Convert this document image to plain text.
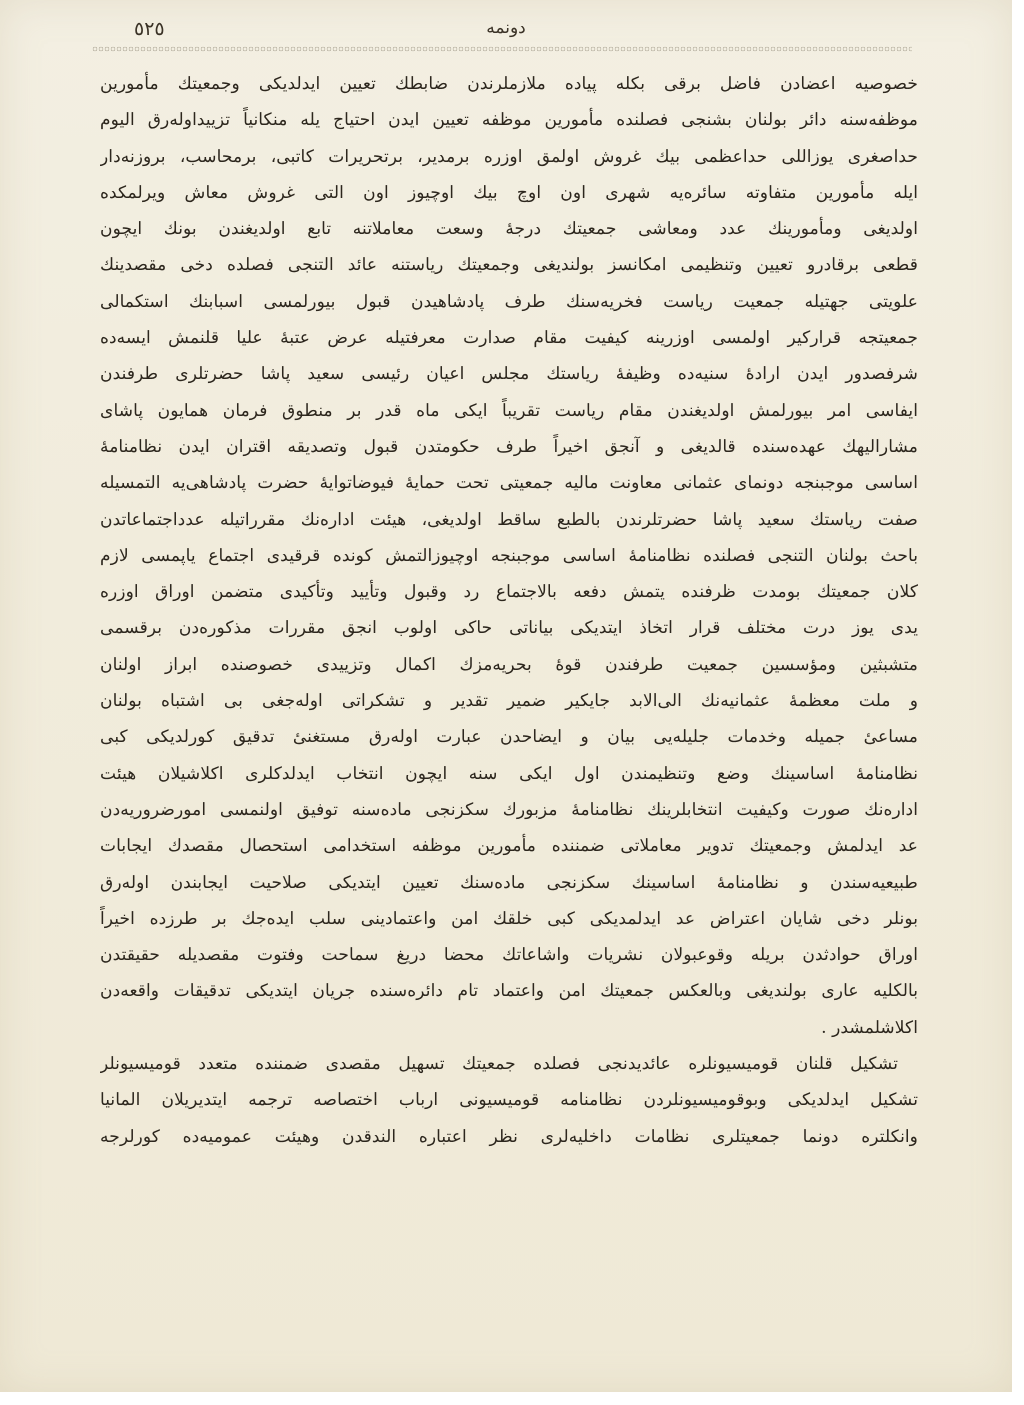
٥٢٥	دونمه
خصوصیه اعضادن فاضل برقی بکله پیاده ملازملرندن ضابطك تعیین ایدلدیکی وجمعیتك مأمورین
موظفه‌سنه دائر بولنان بشنجی فصلنده مأمورین موظفه تعیین ایدن احتیاج یله منکانیاً تزییداوله‌رق الیوم
حداصغری یوزاللی حداعظمی بیك غروش اولمق اوزره برمدیر، برتحریرات کاتبی، برمحاسب، بروزنه‌دار
ایله مأمورین متفاوته سائره‌یه شهری اون اوچ بیك اوچیوز اون التی غروش معاش ویرلمکده
اولدیغی ومأمورینك عدد ومعاشی جمعیتك درجهٔ وسعت معاملاتنه تابع اولدیغندن بونك ایچون
قطعی برقادرو تعیین وتنظیمی امکانسز بولندیغی وجمعیتك ریاستنه عائد التنجی فصلده دخی مقصدینك
علویتی جهتیله جمعیت ریاست فخریه‌سنك طرف پادشاهیدن قبول بیورلمسی اسبابنك استکمالی
جمعیتجه قرارکیر اولمسی اوزرینه کیفیت مقام صدارت معرفتیله عرض عتبهٔ علیا قلنمش ایسه‌ده
شرفصدور ایدن ارادهٔ سنیه‌ده وظیفهٔ ریاستك مجلس اعیان رئیسی سعید پاشا حضرتلری طرفندن
ایفاسی امر بیورلمش اولدیغندن مقام ریاست تقریباً ایکی ماه قدر بر منطوق فرمان همایون پاشای
مشارالیهك عهده‌سنده قالدیغی و آنجق اخیراً طرف حکومتدن قبول وتصدیقه اقتران ایدن نظامنامهٔ
اساسی موجبنجه دونمای عثمانی معاونت مالیه جمعیتی تحت حمایهٔ فیوضاتوایهٔ حضرت پادشاهی‌یه التمسیله
صفت ریاستك سعید پاشا حضرتلرندن بالطبع ساقط اولدیغی، هیئت ادارەنك مقرراتیله عدداجتماعاتدن
باحث بولنان التنجی فصلنده نظامنامهٔ اساسی موجبنجه اوچیوزالتمش کونده قرقیدی اجتماع یاپمسی لازم
کلان جمعیتك بومدت ظرفنده یتمش دفعه بالاجتماع رد وقبول وتأیید وتأکیدی متضمن اوراق اوزره
یدی یوز درت مختلف قرار اتخاذ ایتدیکی بیاناتی حاکی اولوب انجق مقررات مذکوره‌دن برقسمی
متشبثین ومؤسسین جمعیت طرفندن قوهٔ بحریه‌مزك اکمال وتزییدی خصوصنده ابراز اولنان
و ملت معظمهٔ عثمانیه‌نك الی‌الابد جایکیر ضمیر تقدیر و تشکراتی اوله‌جغی بی اشتباه بولنان
مساعیٔ جمیله وخدمات جلیله‌یی بیان و ایضاحدن عبارت اوله‌رق مستغنیٔ تدقیق کورلدیکی کبی
نظامنامهٔ اساسینك وضع وتنظیمندن اول ایکی سنه ایچون انتخاب ایدلدکلری اکلاشیلان هیئت
ادارەنك صورت وکیفیت انتخابلرینك نظامنامهٔ مزبورك سکزنجی ماده‌سنه توفیق اولنمسی امورضروریه‌دن
عد ایدلمش وجمعیتك تدویر معاملاتی ضمننده مأمورین موظفه استخدامی استحصال مقصدك ایجابات
طبیعیه‌سندن و نظامنامهٔ اساسینك سکزنجی ماده‌سنك تعیین ایتدیکی صلاحیت ایجابندن اوله‌رق
بونلر دخی شایان اعتراض عد ایدلمدیکی کبی خلقك امن واعتمادینی سلب ایده‌جك بر طرزده اخیراً
اوراق حوادثدن بریله وقوعبولان نشریات واشاعاتك محضا دریغ سماحت وفتوت مقصدیله حقیقتدن
بالکلیه عاری بولندیغی وبالعکس جمعیتك امن واعتماد تام دائره‌سنده جریان ایتدیکی تدقیقات واقعه‌دن
اکلاشلمشدر .
تشکیل قلنان قومیسیونلره عائدیدنجی فصلده جمعیتك تسهیل مقصدی ضمننده متعدد قومیسیونلر
تشکیل ایدلدیکی وبوقومیسیونلردن نظامنامه قومیسیونی ارباب اختصاصه ترجمه ایتدیریلان المانیا
وانکلتره دونما جمعیتلری نظامات داخلیه‌لری نظر اعتباره الندقدن وهیئت عمومیه‌ده کورلرجه
